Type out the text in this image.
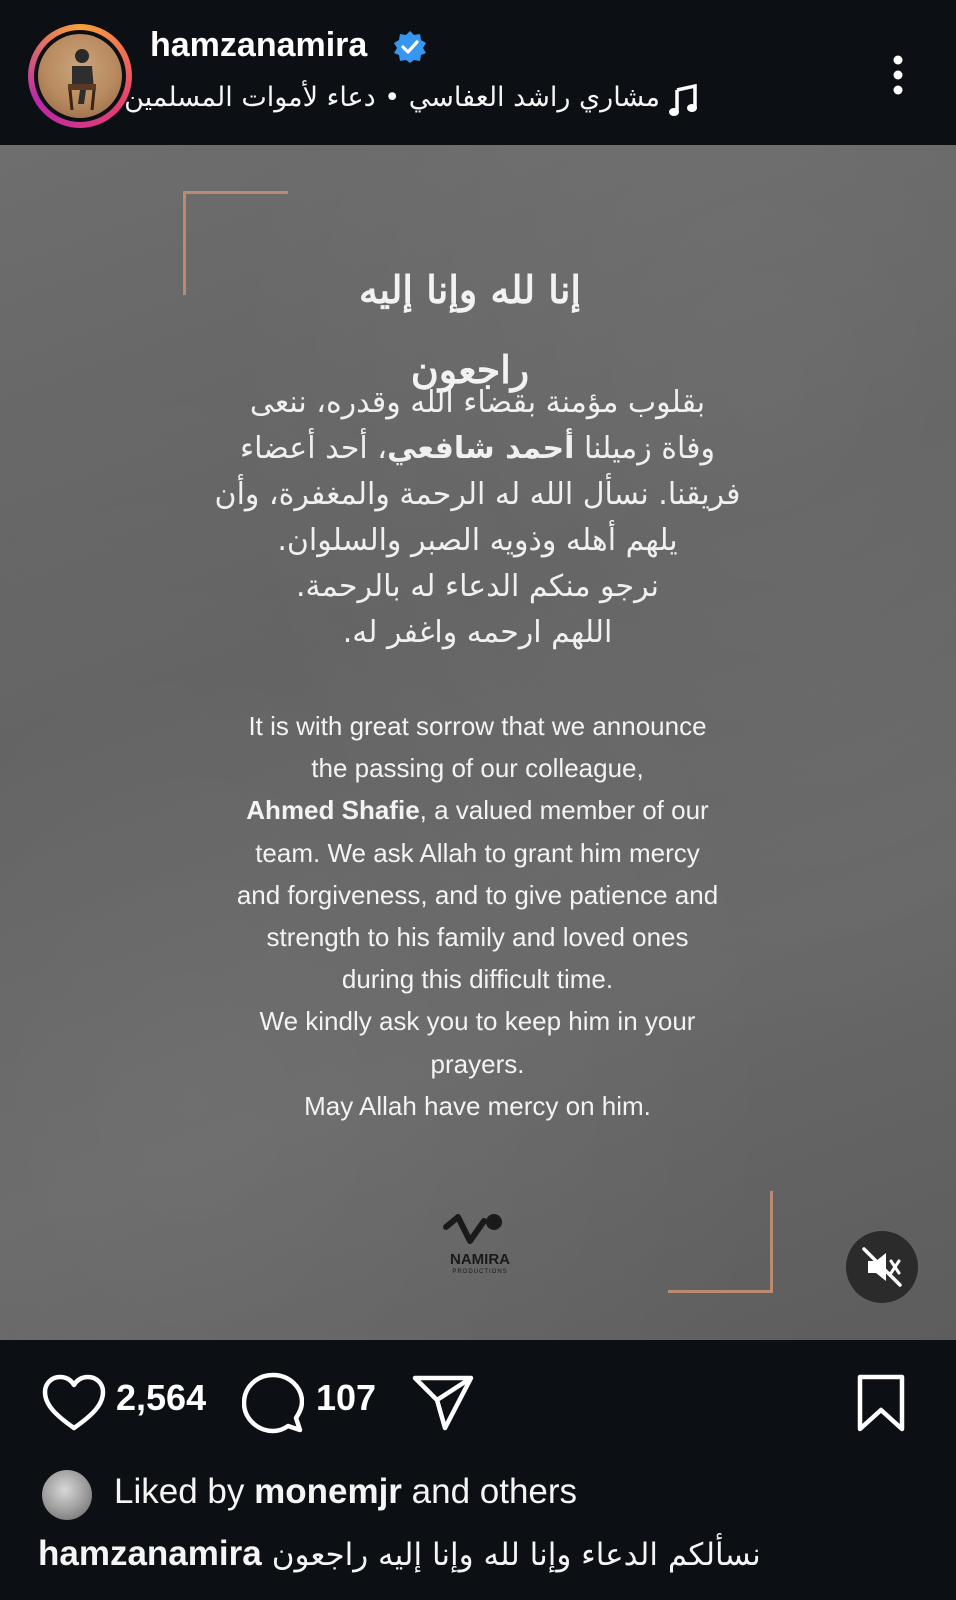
hamzanamira
مشاري راشد العفاسي • دعاء لأموات المسلمين
إنا لله وإنا إليه راجعون
بقلوب مؤمنة بقضاء الله وقدره، ننعى
وفاة زميلنا أحمد شافعي، أحد أعضاء
فريقنا. نسأل الله له الرحمة والمغفرة، وأن
يلهم أهله وذويه الصبر والسلوان.
نرجو منكم الدعاء له بالرحمة.
اللهم ارحمه واغفر له.
It is with great sorrow that we announce
the passing of our colleague,
Ahmed Shafie, a valued member of our
team. We ask Allah to grant him mercy
and forgiveness, and to give patience and
strength to his family and loved ones
during this difficult time.
We kindly ask you to keep him in your
prayers.
May Allah have mercy on him.
NAMIRA
PRODUCTIONS
2,564	107
Liked by monemjr and others
hamzanamira نسألكم الدعاء وإنا لله وإنا إليه راجعون
